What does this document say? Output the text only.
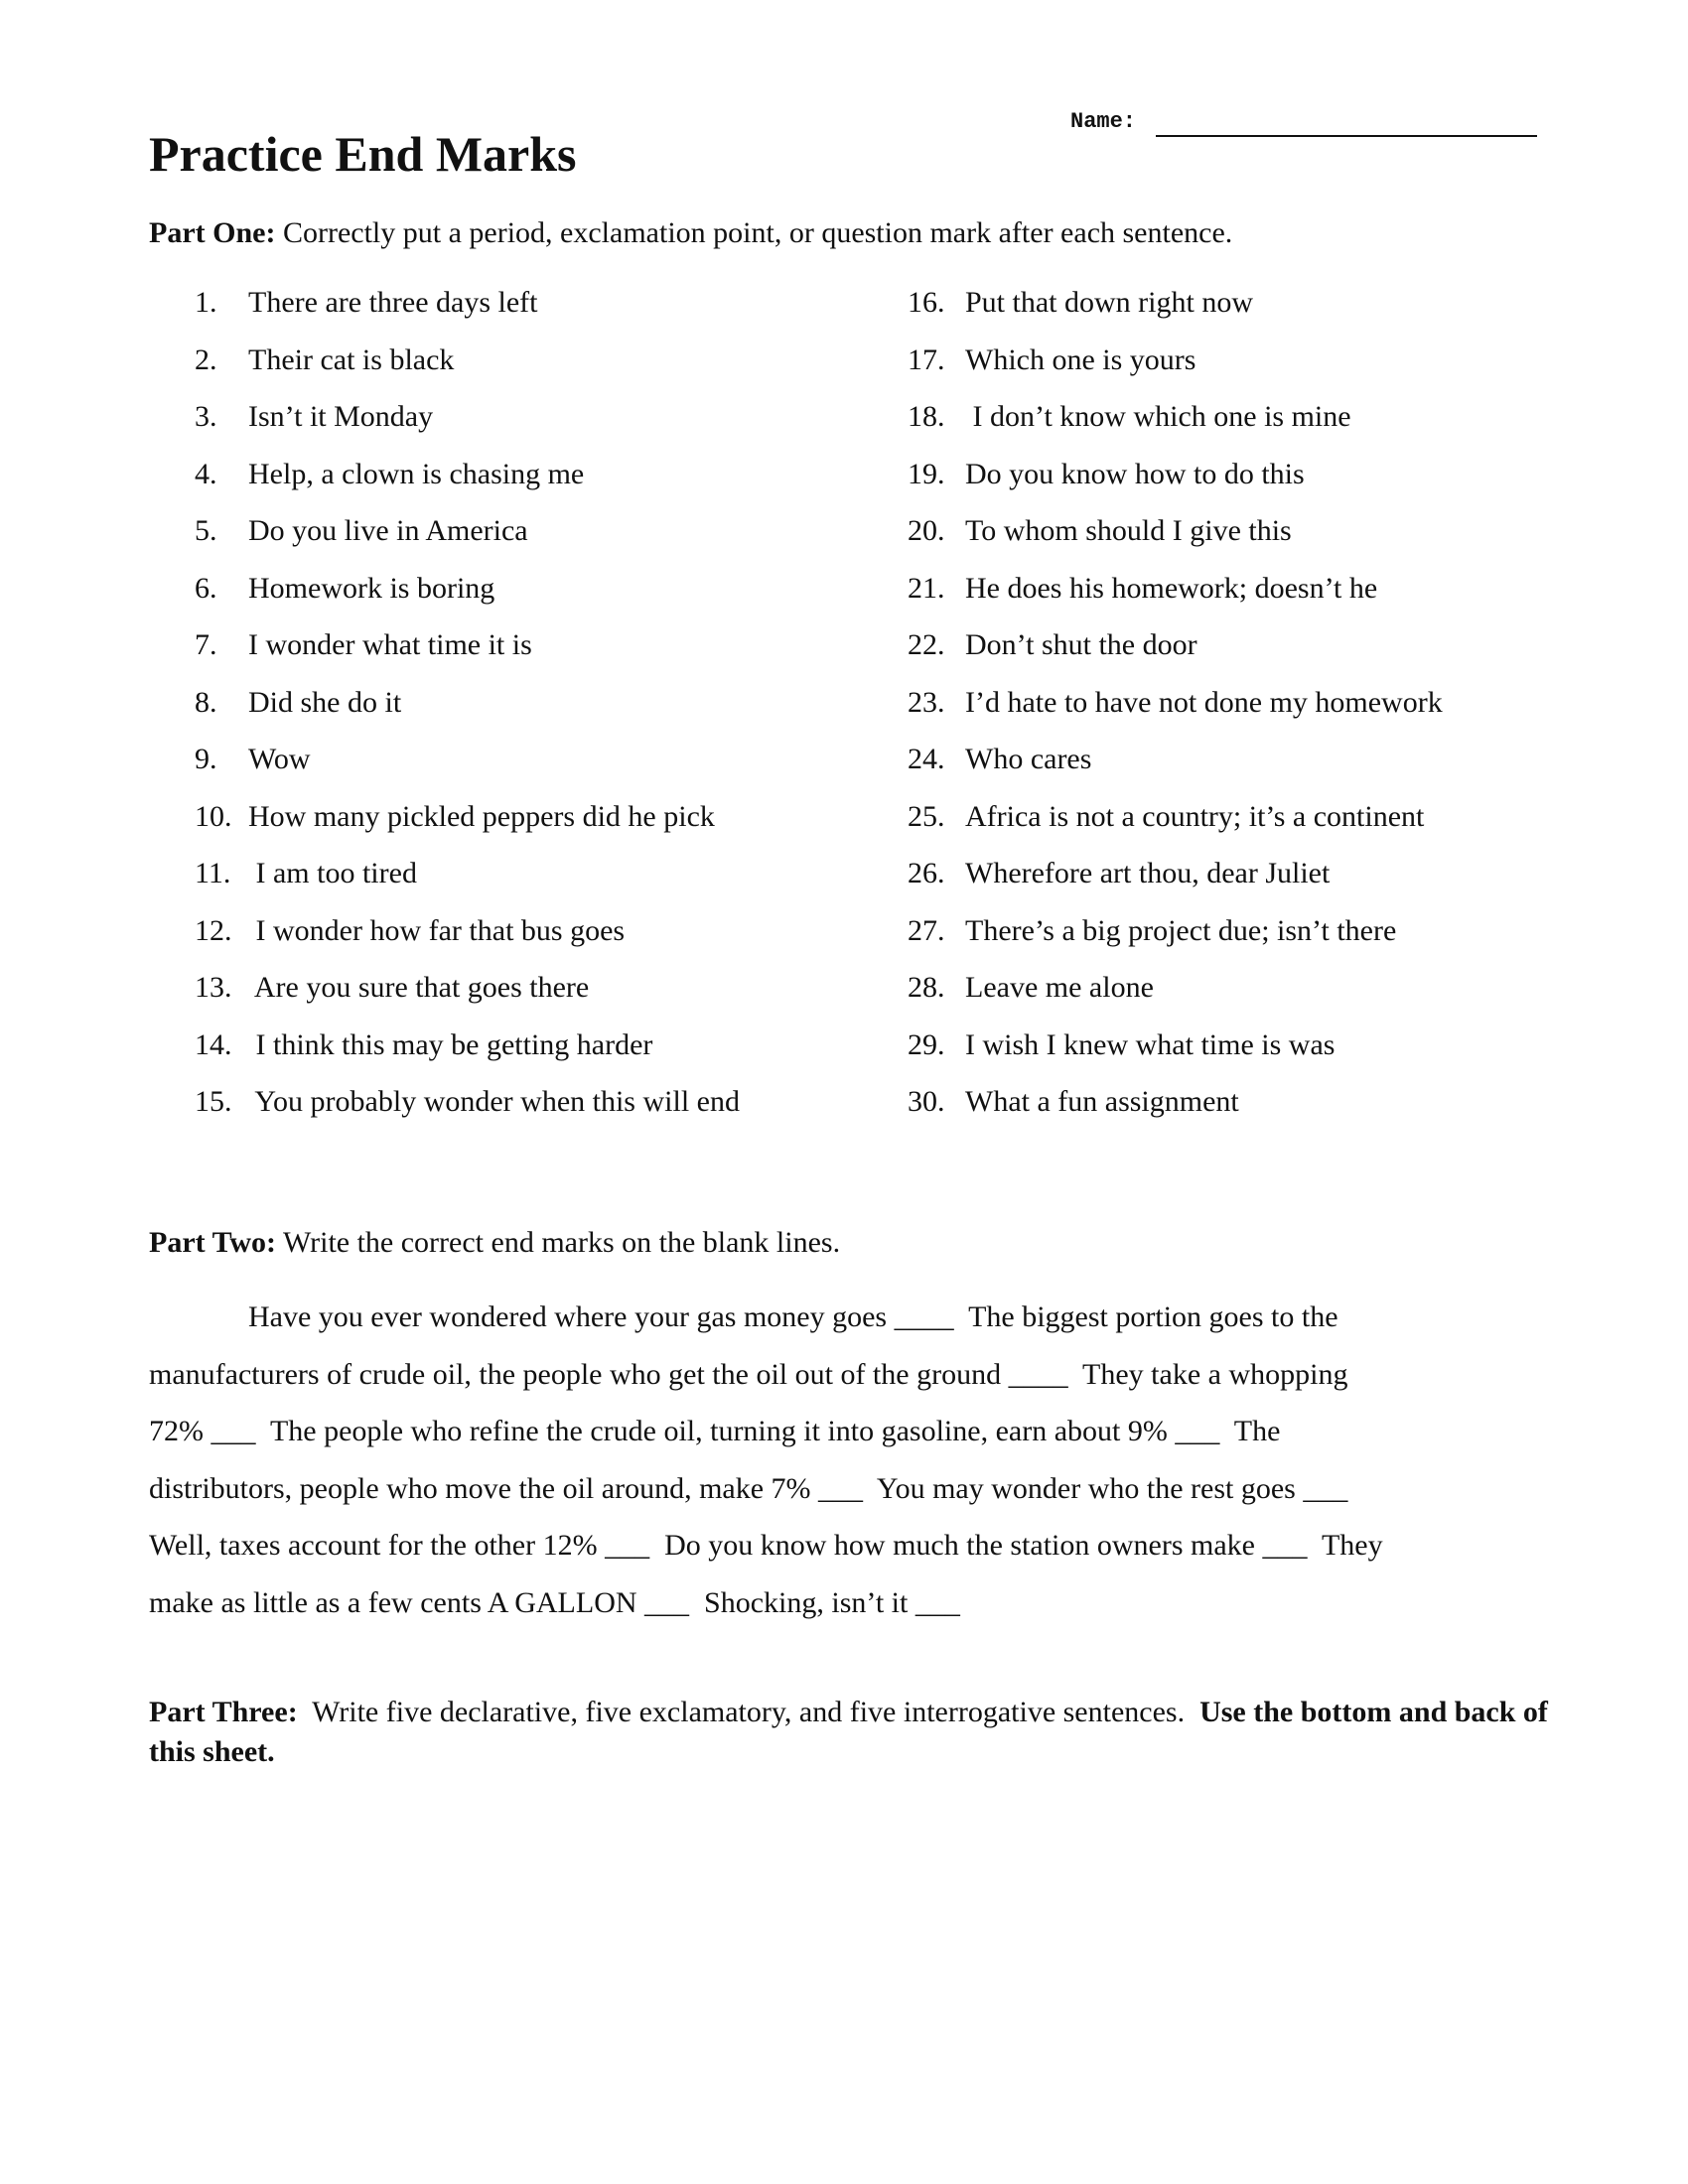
Name:
Practice End Marks

Part One: Correctly put a period, exclamation point, or question mark after each sentence.

1.	There are three days left
2.	Their cat is black
3.	Isn’t it Monday
4.	Help, a clown is chasing me
5.	Do you live in America
6.	Homework is boring
7.	I wonder what time it is
8.	Did she do it
9.	Wow
10. How many pickled peppers did he pick
11. I am too tired
12. I wonder how far that bus goes
13. Are you sure that goes there
14. I think this may be getting harder
15. You probably wonder when this will end
16. Put that down right now
17. Which one is yours
18. I don’t know which one is mine
19. Do you know how to do this
20. To whom should I give this
21. He does his homework; doesn’t he
22. Don’t shut the door
23. I’d hate to have not done my homework
24. Who cares
25. Africa is not a country; it’s a continent
26. Wherefore art thou, dear Juliet
27. There’s a big project due; isn’t there
28. Leave me alone
29. I wish I knew what time is was
30. What a fun assignment

Part Two: Write the correct end marks on the blank lines.

Have you ever wondered where your gas money goes ____  The biggest portion goes to the
manufacturers of crude oil, the people who get the oil out of the ground ____  They take a whopping
72% ___  The people who refine the crude oil, turning it into gasoline, earn about 9% ___  The
distributors, people who move the oil around, make 7% ___  You may wonder who the rest goes ___
Well, taxes account for the other 12% ___  Do you know how much the station owners make ___  They
make as little as a few cents A GALLON ___  Shocking, isn’t it ___

Part Three: Write five declarative, five exclamatory, and five interrogative sentences. Use the bottom and back of this sheet.
